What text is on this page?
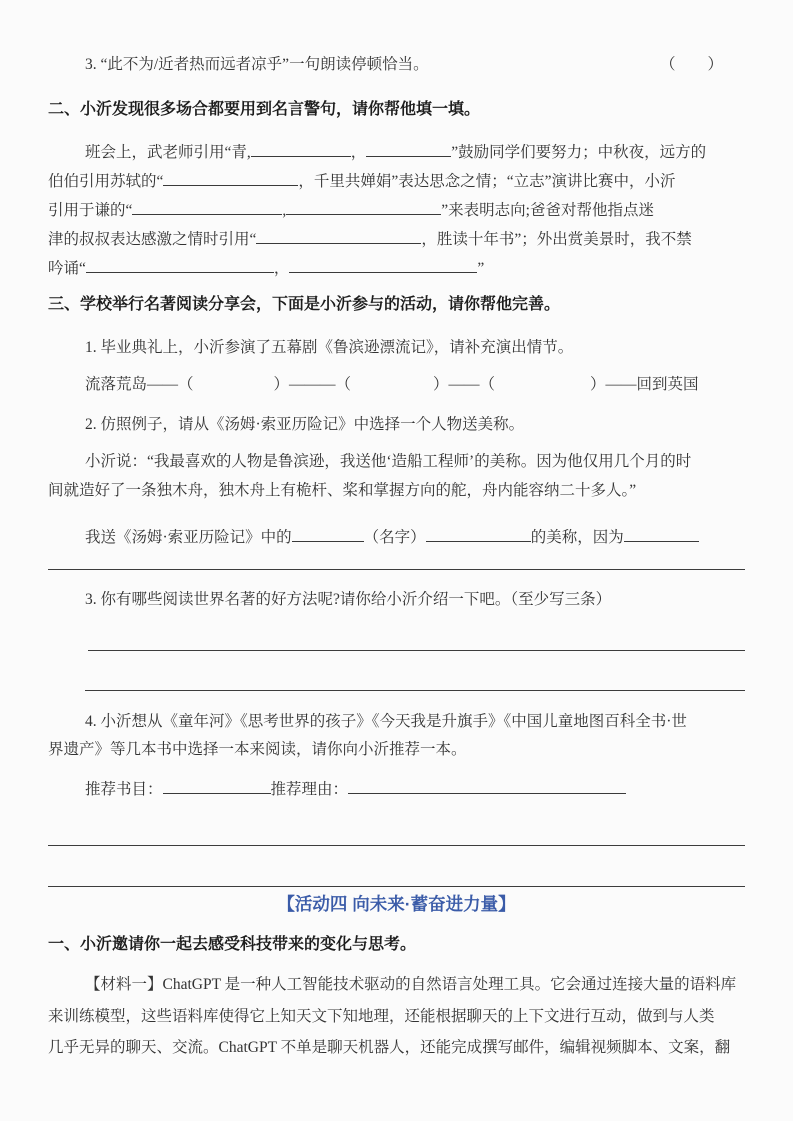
3. “此不为/近者热而远者凉乎”一句朗读停顿恰当。	（ ）
二、小沂发现很多场合都要用到名言警句，请你帮他填一填。
班会上，武老师引用“青,	，	”鼓励同学们要努力；中秋夜，远方的
伯伯引用苏轼的“	，千里共婵娟”表达思念之情；“立志”演讲比赛中，小沂
引用于谦的“	,	”来表明志向;爸爸对帮他指点迷
津的叔叔表达感激之情时引用“	，胜读十年书”；外出赏美景时，我不禁
吟诵“	，	”
三、学校举行名著阅读分享会，下面是小沂参与的活动，请你帮他完善。
1. 毕业典礼上，小沂参演了五幕剧《鲁滨逊漂流记》，请补充演出情节。
流落荒岛——（	）———（	）——（	）——回到英国
2. 仿照例子，请从《汤姆·索亚历险记》中选择一个人物送美称。
小沂说：“我最喜欢的人物是鲁滨逊，我送他‘造船工程师’的美称。因为他仅用几个月的时
间就造好了一条独木舟，独木舟上有桅杆、桨和掌握方向的舵，舟内能容纳二十多人。”
我送《汤姆·索亚历险记》中的	（名字）	的美称，因为
3. 你有哪些阅读世界名著的好方法呢?请你给小沂介绍一下吧。（至少写三条）
4. 小沂想从《童年河》《思考世界的孩子》《今天我是升旗手》《中国儿童地图百科全书·世
界遗产》等几本书中选择一本来阅读，请你向小沂推荐一本。
推荐书目：	推荐理由：
【活动四 向未来·蓄奋进力量】
一、小沂邀请你一起去感受科技带来的变化与思考。
【材料一】ChatGPT 是一种人工智能技术驱动的自然语言处理工具。它会通过连接大量的语料库
来训练模型，这些语料库使得它上知天文下知地理，还能根据聊天的上下文进行互动，做到与人类
几乎无异的聊天、交流。ChatGPT 不单是聊天机器人，还能完成撰写邮件，编辑视频脚本、文案，翻
